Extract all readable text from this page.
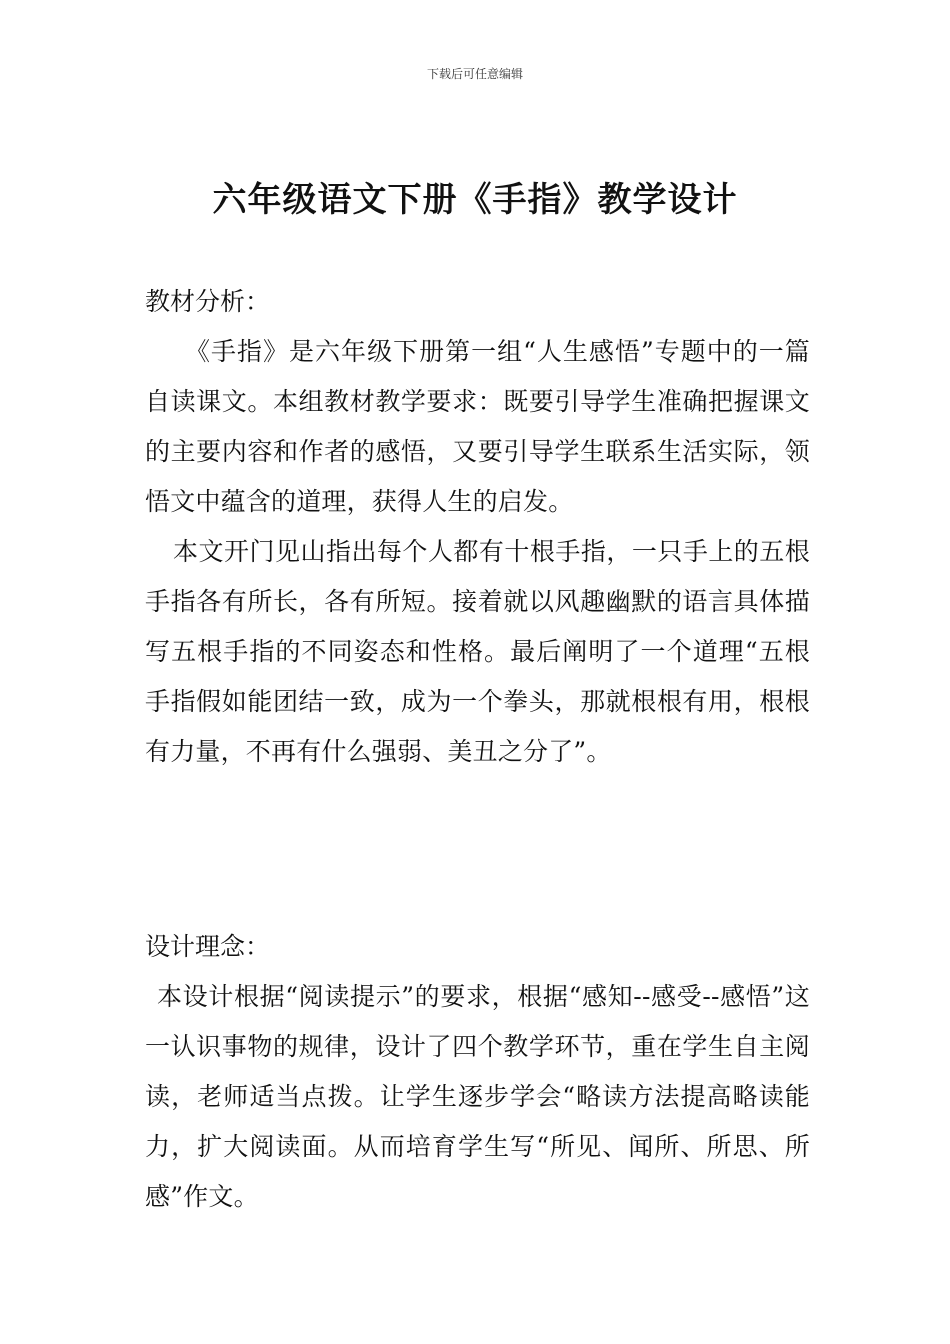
下载后可任意编辑
六年级语文下册《手指》教学设计

教材分析：

《手指》是六年级下册第一组“人生感悟”专题中的一篇自读课文。本组教材教学要求：既要引导学生准确把握课文的主要内容和作者的感悟，又要引导学生联系生活实际，领悟文中蕴含的道理，获得人生的启发。

本文开门见山指出每个人都有十根手指，一只手上的五根手指各有所长，各有所短。接着就以风趣幽默的语言具体描写五根手指的不同姿态和性格。最后阐明了一个道理“五根手指假如能团结一致，成为一个拳头，那就根根有用，根根有力量，不再有什么强弱、美丑之分了”。

设计理念：

本设计根据“阅读提示”的要求，根据“感知--感受--感悟”这一认识事物的规律，设计了四个教学环节，重在学生自主阅读，老师适当点拨。让学生逐步学会“略读方法提高略读能力，扩大阅读面。从而培育学生写“所见、闻所、所思、所感”作文。
